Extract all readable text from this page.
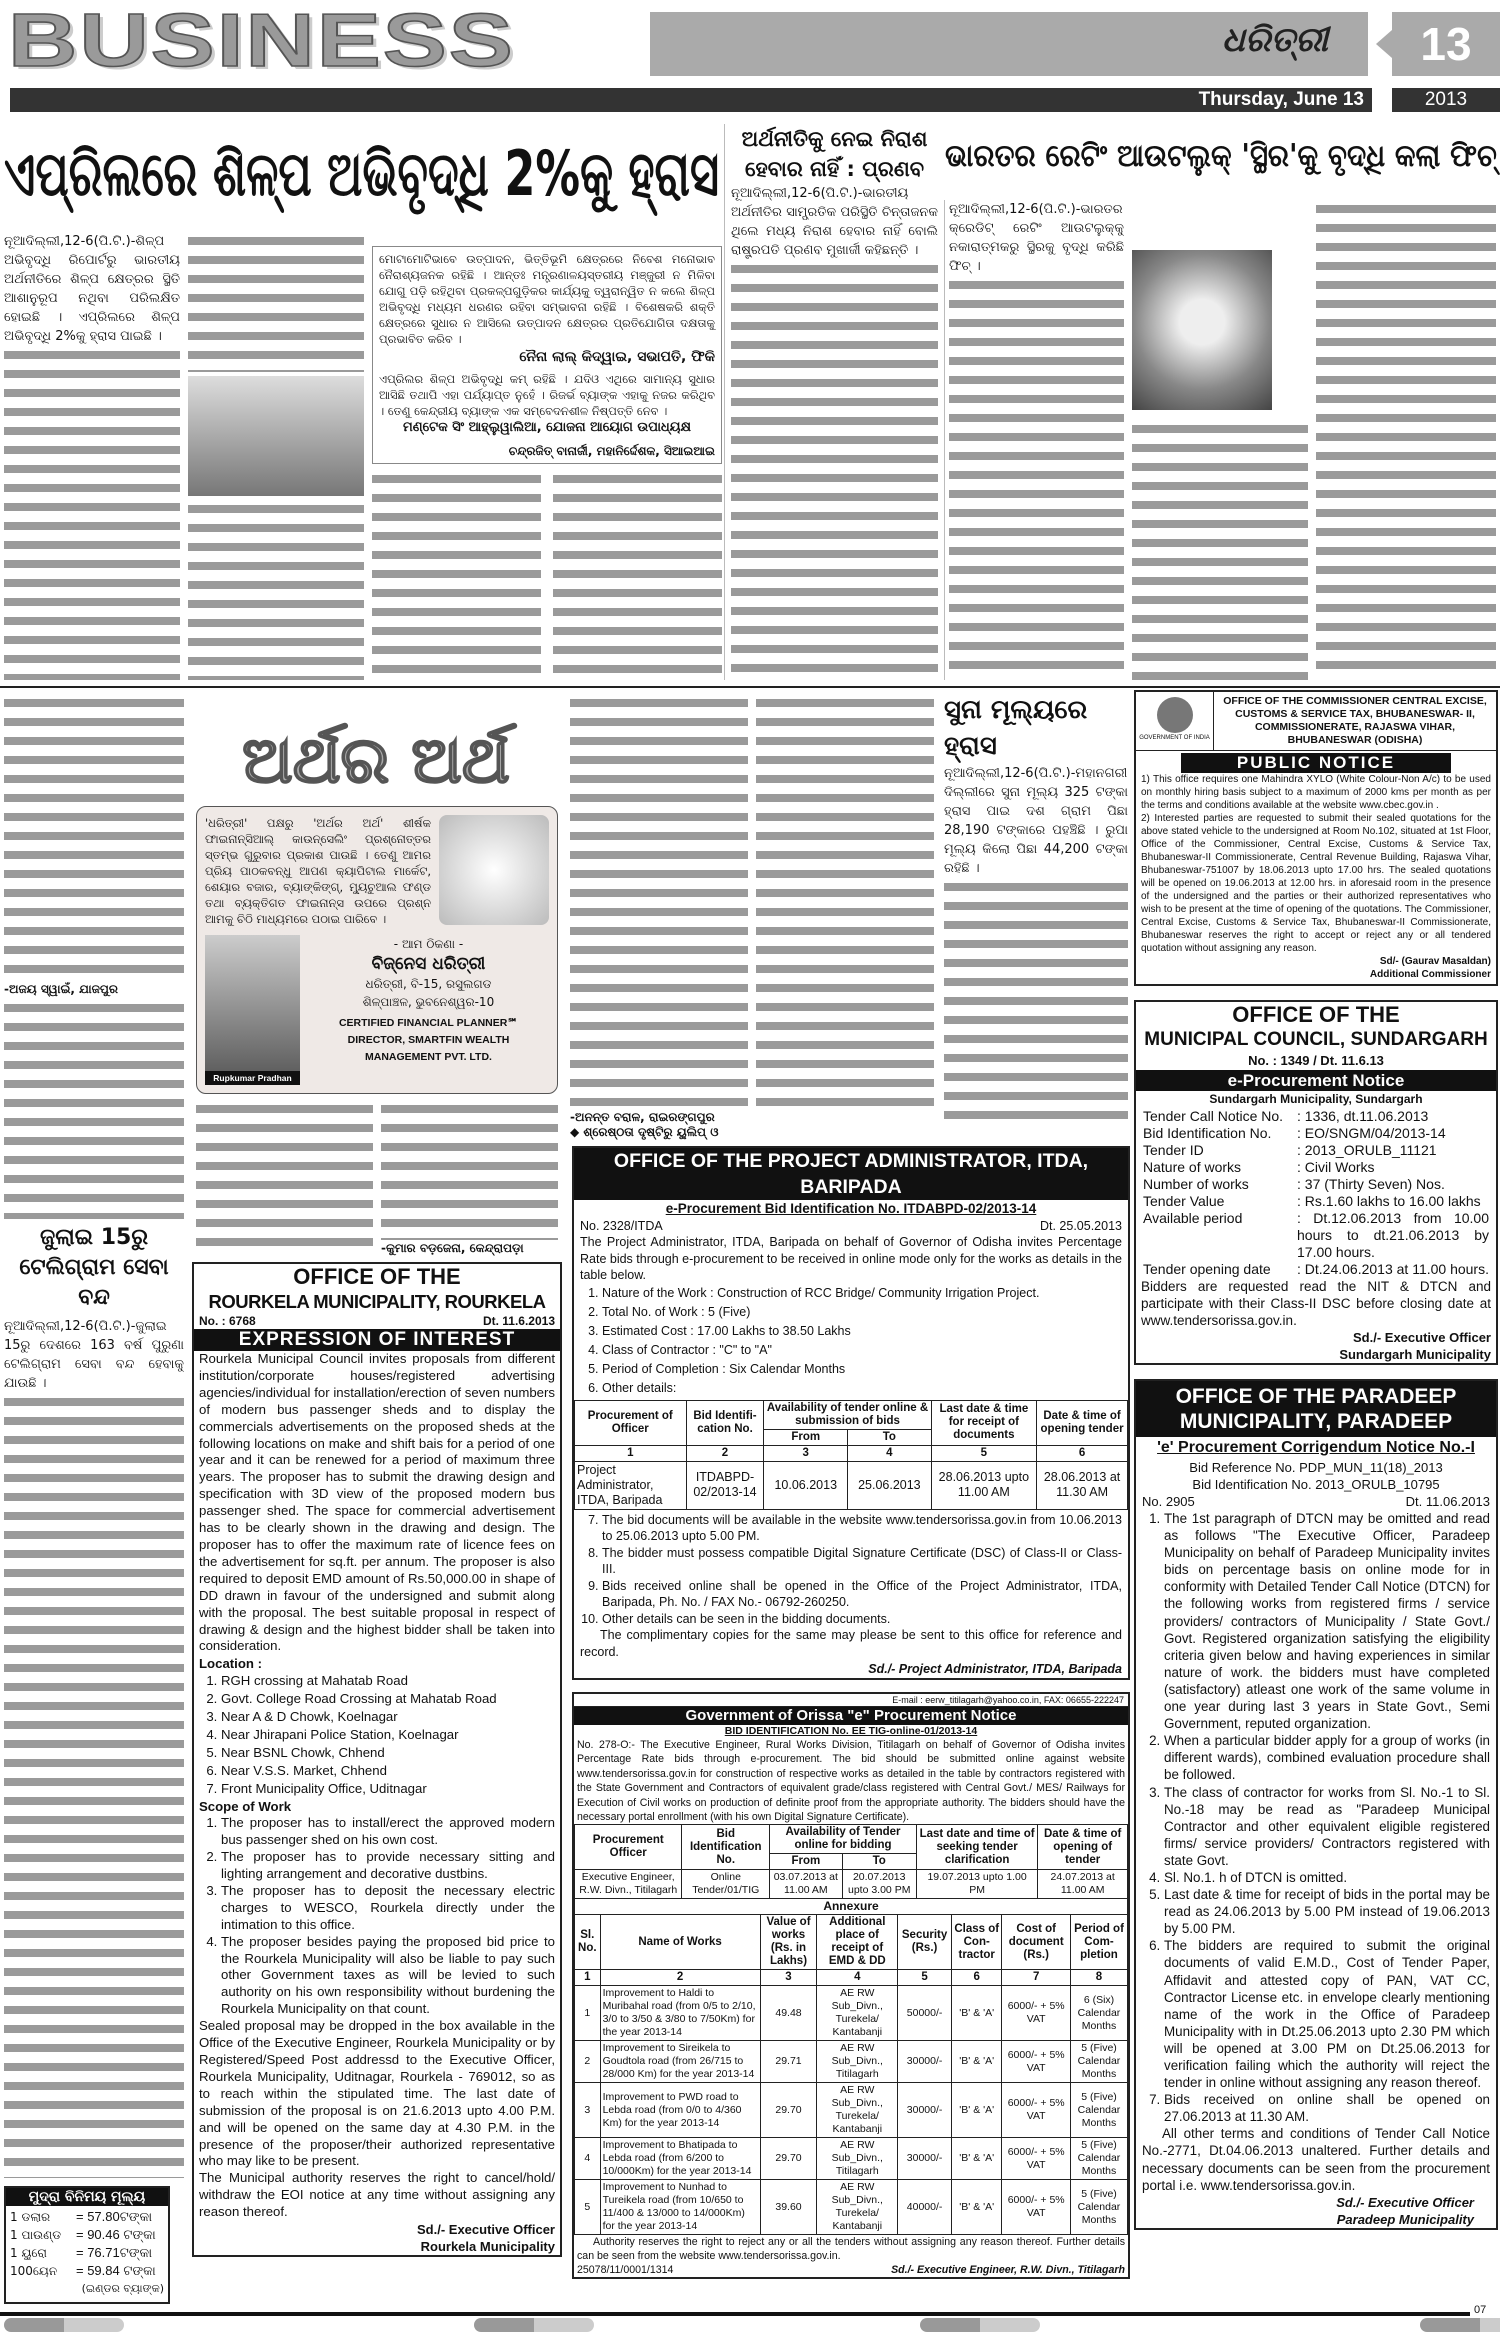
BUSINESS	ଧରିତ୍ରୀ	13
Thursday, June 13	2013
ଏପ୍ରିଲରେ ଶିଳ୍ପ ଅଭିବୃଦ୍ଧି 2%କୁ ହ୍ରାସ
ନୂଆଦିଲ୍ଲୀ,12-6(ପି.ଟି.)-ଶିଳ୍ପ ଅଭିବୃଦ୍ଧି ରିପୋର୍ଟରୁ ଭାରତୀୟ ଅର୍ଥନୀତିରେ ଶିଳ୍ପ କ୍ଷେତ୍ରର ସ୍ଥିତି ଆଶାନୁରୂପ ନଥିବା ପରିଲକ୍ଷିତ ହୋଇଛି । ଏପ୍ରିଲରେ ଶିଳ୍ପ ଅଭିବୃଦ୍ଧି 2%କୁ ହ୍ରାସ ପାଇଛି ।
ମୋଟାମୋଟିଭାବେ ଉତ୍ପାଦନ, ଭିତ୍ତିଭୂମି କ୍ଷେତ୍ରରେ ନିବେଶ ମନୋଭାବ ନୈରାଶ୍ୟଜନକ ରହିଛି । ଆନ୍ତଃ ମନ୍ତ୍ରଣାଳୟସ୍ତରୀୟ ମଞ୍ଜୁରୀ ନ ମିଳିବା ଯୋଗୁ ପଡ଼ି ରହିଥିବା ପ୍ରକଳ୍ପଗୁଡ଼ିକର କାର୍ଯ୍ୟକୁ ତ୍ୱରାନ୍ୱିତ ନ କଲେ ଶିଳ୍ପ ଅଭିବୃଦ୍ଧି ମଧ୍ୟମ ଧରଣର ରହିବା ସମ୍ଭାବନା ରହିଛି । ବିଶେଷକରି ଶକ୍ତି କ୍ଷେତ୍ରରେ ସୁଧାର ନ ଆସିଲେ ଉତ୍ପାଦନ କ୍ଷେତ୍ରର ପ୍ରତିଯୋଗିତା ଦକ୍ଷତାକୁ ପ୍ରଭାବିତ କରିବ ।
ନୈନା ଲାଲ୍ କିଦ୍ୱାଇ, ସଭାପତି, ଫିକି
ଏପ୍ରିଲର ଶିଳ୍ପ ଅଭିବୃଦ୍ଧି କମ୍ ରହିଛି । ଯଦିଓ ଏଥିରେ ସାମାନ୍ୟ ସୁଧାର ଆସିଛି ତଥାପି ଏହା ପର୍ଯ୍ୟାପ୍ତ ନୁହେଁ । ରିଜର୍ଭ ବ୍ୟାଙ୍କ ଏହାକୁ ନଜର କରିଥିବ । ତେଣୁ କେନ୍ଦ୍ରୀୟ ବ୍ୟାଙ୍କ ଏକ ସମ୍ବେଦନଶୀଳ ନିଷ୍ପତ୍ତି ନେବ ।
ମଣ୍ଟେକ ସିଂ ଆହ୍ଲୁୱାଲିଆ, ଯୋଜନା ଆୟୋଗ ଉପାଧ୍ୟକ୍ଷ
ଚନ୍ଦ୍ରଜିତ୍ ବାନାର୍ଜୀ, ମହାନିର୍ଦ୍ଦେଶକ, ସିଆଇଆଇ
ଅର୍ଥନୀତିକୁ ନେଇ ନିରାଶ ହେବାର ନାହିଁ : ପ୍ରଣବ
ନୂଆଦିଲ୍ଲୀ,12-6(ପି.ଟି.)-ଭାରତୀୟ ଅର୍ଥନୀତିର ସାମ୍ପ୍ରତିକ ପରିସ୍ଥିତି ଚିନ୍ତାଜନକ ଥିଲେ ମଧ୍ୟ ନିରାଶ ହେବାର ନାହିଁ ବୋଲି ରାଷ୍ଟ୍ରପତି ପ୍ରଣବ ମୁଖାର୍ଜୀ କହିଛନ୍ତି ।
ଭାରତର ରେଟିଂ ଆଉଟଲୁକ୍ 'ସ୍ଥିର'କୁ ବୃଦ୍ଧି କଲା ଫିଚ୍
ନୂଆଦିଲ୍ଲୀ,12-6(ପି.ଟି.)-ଭାରତର କ୍ରେଡିଟ୍ ରେଟିଂ ଆଉଟଲୁକ୍କୁ ନକାରାତ୍ମକରୁ ସ୍ଥିରକୁ ବୃଦ୍ଧି କରିଛି ଫିଚ୍ ।
-ଅଜୟ ସ୍ୱାଇଁ, ଯାଜପୁର
ଜୁଲାଇ 15ରୁ
ଟେଲିଗ୍ରାମ ସେବା ବନ୍ଦ
ନୂଆଦିଲ୍ଲୀ,12-6(ପି.ଟି.)-ଜୁଲାଇ 15ରୁ ଦେଶରେ 163 ବର୍ଷ ପୁରୁଣା ଟେଲିଗ୍ରାମ ସେବା ବନ୍ଦ ହେବାକୁ ଯାଉଛି ।
ମୁଦ୍ରା ବିନିମୟ ମୂଲ୍ୟ
1 ଡଲାର	= 57.80ଟଙ୍କା
1 ପାଉଣ୍ଡ	= 90.46 ଟଙ୍କା
1 ୟୁରୋ	= 76.71ଟଙ୍କା
100ୟେନ	= 59.84 ଟଙ୍କା
(ଇଣ୍ଡର ବ୍ୟାଙ୍କ)
ଅର୍ଥର ଅର୍ଥ
'ଧରିତ୍ରୀ' ପକ୍ଷରୁ 'ଅର୍ଥର ଅର୍ଥ' ଶୀର୍ଷକ ଫାଇନାନ୍ସିଆଲ୍ କାଉନ୍ସେଲିଂ ପ୍ରଶ୍ନୋତ୍ତର ସ୍ତମ୍ଭ ଗୁରୁବାର ପ୍ରକାଶ ପାଉଛି । ତେଣୁ ଆମର ପ୍ରିୟ ପାଠକବନ୍ଧୁ ଆପଣ କ୍ୟାପିଟାଲ ମାର୍କେଟ, ଶେୟାର ବଜାର, ବ୍ୟାଙ୍କିଙ୍ଗ୍, ମ୍ୟୁଚୁଆଲ ଫଣ୍ଡ ତଥା ବ୍ୟକ୍ତିଗତ ଫାଇନାନ୍ସ ଉପରେ ପ୍ରଶ୍ନ ଆମକୁ ଚିଠି ମାଧ୍ୟମରେ ପଠାଇ ପାରିବେ ।
Rupkumar Pradhan
- ଆମ ଠିକଣା -
ବିଜ୍ନେସ ଧରିତ୍ରୀ
ଧରିତ୍ରୀ, ବି-15, ରସୁଲଗଡ
ଶିଳ୍ପାଞ୍ଚଳ, ଭୁବନେଶ୍ୱର-10
CERTIFIED FINANCIAL PLANNER℠
DIRECTOR, SMARTFIN WEALTH
MANAGEMENT PVT. LTD.
-କୁମାର ବଡ଼ଜେନା, କେନ୍ଦ୍ରାପଡ଼ା
-ଅନନ୍ତ ବରାଳ, ରାଇରଙ୍ଗପୁର
◆ ଶ୍ରେଷ୍ଠତା ଦୃଷ୍ଟିରୁ ୟୁଲିପ୍ ଓ
ସୁନା ମୂଲ୍ୟରେ ହ୍ରାସ
ନୂଆଦିଲ୍ଲୀ,12-6(ପି.ଟି.)-ମହାନଗରୀ ଦିଲ୍ଲୀରେ ସୁନା ମୂଲ୍ୟ 325 ଟଙ୍କା ହ୍ରାସ ପାଇ ଦଶ ଗ୍ରାମ ପିଛା 28,190 ଟଙ୍କାରେ ପହଞ୍ଚିଛି । ରୁପା ମୂଲ୍ୟ କିଲୋ ପିଛା 44,200 ଟଙ୍କା ରହିଛି ।
GOVERNMENT OF INDIA
OFFICE OF THE COMMISSIONER CENTRAL EXCISE, CUSTOMS & SERVICE TAX, BHUBANESWAR- II, COMMISSIONERATE, RAJASWA VIHAR, BHUBANESWAR (ODISHA)
PUBLIC NOTICE
1) This office requires one Mahindra XYLO (White Colour-Non A/c) to be used on monthly hiring basis subject to a maximum of 2000 kms per month as per the terms and conditions available at the website www.cbec.gov.in .
2) Interested parties are requested to submit their sealed quotations for the above stated vehicle to the undersigned at Room No.102, situated at 1st Floor, Office of the Commissioner, Central Excise, Customs & Service Tax, Bhubaneswar-II Commissionerate, Central Revenue Building, Rajaswa Vihar, Bhubaneswar-751007 by 18.06.2013 upto 17.00 hrs. The sealed quotations will be opened on 19.06.2013 at 12.00 hrs. in aforesaid room in the presence of the undersigned and the parties or their authorized representatives who wish to be present at the time of opening of the quotations. The Commissioner, Central Excise, Customs & Service Tax, Bhubaneswar-II Commissionerate, Bhubaneswar reserves the right to accept or reject any or all tendered quotation without assigning any reason.
Sd/- (Gaurav Masaldan)
Additional Commissioner
OFFICE OF THE
MUNICIPAL COUNCIL, SUNDARGARH
No. : 1349 / Dt. 11.6.13
e-Procurement Notice
Sundargarh Municipality, Sundargarh
Tender Call Notice No.	: 1336, dt.11.06.2013
Bid Identification No.	: EO/SNGM/04/2013-14
Tender ID	: 2013_ORULB_11121
Nature of works	: Civil Works
Number of works	: 37 (Thirty Seven) Nos.
Tender Value	: Rs.1.60 lakhs to 16.00 lakhs
Available period	: Dt.12.06.2013 from 10.00 hours to dt.21.06.2013 by 17.00 hours.
Tender opening date	: Dt.24.06.2013 at 11.00 hours.
Bidders are requested read the NIT & DTCN and participate with their Class-II DSC before closing date at www.tendersorissa.gov.in.
Sd./- Executive Officer
Sundargarh Municipality
OFFICE OF THE PARADEEP MUNICIPALITY, PARADEEP
'e' Procurement Corrigendum Notice No.-I
Bid Reference No. PDP_MUN_11(18)_2013
Bid Identification No. 2013_ORULB_10795
No. 2905	Dt. 11.06.2013
1. The 1st paragraph of DTCN may be omitted and read as follows "The Executive Officer, Paradeep Municipality on behalf of Paradeep Municipality invites bids on percentage basis on online mode for in conformity with Detailed Tender Call Notice (DTCN) for the following works from registered firms / service providers/ contractors of Municipality / State Govt./ Govt. Registered organization satisfying the eligibility criteria given below and having experiences in similar nature of work. the bidders must have completed (satisfactory) atleast one work of the same volume in one year during last 3 years in State Govt., Semi Government, reputed organization.
2. When a particular bidder apply for a group of works (in different wards), combined evaluation procedure shall be followed.
3. The class of contractor for works from Sl. No.-1 to Sl. No.-18 may be read as "Paradeep Municipal Contractor and other equivalent eligible registered firms/ service providers/ Contractors registered with state Govt.
4. Sl. No.1. h of DTCN is omitted.
5. Last date & time for receipt of bids in the portal may be read as 24.06.2013 by 5.00 PM instead of 19.06.2013 by 5.00 PM.
6. The bidders are required to submit the original documents of valid E.M.D., Cost of Tender Paper, Affidavit and attested copy of PAN, VAT CC, Contractor License etc. in envelope clearly mentioning name of the work in the Office of Paradeep Municipality with in Dt.25.06.2013 upto 2.30 PM which will be opened at 3.00 PM on Dt.25.06.2013 for verification failing which the authority will reject the tender in online without assigning any reason thereof.
7. Bids received on online shall be opened on 27.06.2013 at 11.30 AM.
All other terms and conditions of Tender Call Notice No.-2771, Dt.04.06.2013 unaltered. Further details and necessary documents can be seen from the procurement portal i.e. www.tendersorissa.gov.in.
Sd./- Executive Officer
Paradeep Municipality
OFFICE OF THE PROJECT ADMINISTRATOR, ITDA, BARIPADA
e-Procurement Bid Identification No. ITDABPD-02/2013-14
No. 2328/ITDA	Dt. 25.05.2013
The Project Administrator, ITDA, Baripada on behalf of Governor of Odisha invites Percentage Rate bids through e-procurement to be received in online mode only for the works as details in the table below.
1. Nature of the Work : Construction of RCC Bridge/ Community Irrigation Project.
2. Total No. of Work : 5 (Five)
3. Estimated Cost : 17.00 Lakhs to 38.50 Lakhs
4. Class of Contractor : "C" to "A"
5. Period of Completion : Six Calendar Months
6. Other details:
Procurement of Officer	Bid Identifi-cation No.	Availability of tender online & submission of bids		Last date & time for receipt of documents	Date & time of opening tender
		From	To		
1	2	3	4	5	6
Project Administrator, ITDA, Baripada	ITDABPD-02/2013-14	10.06.2013	25.06.2013	28.06.2013 upto 11.00 AM	28.06.2013 at 11.30 AM
7. The bid documents will be available in the website www.tendersorissa.gov.in from 10.06.2013 to 25.06.2013 upto 5.00 PM.
8. The bidder must possess compatible Digital Signature Certificate (DSC) of Class-II or Class-III.
9. Bids received online shall be opened in the Office of the Project Administrator, ITDA, Baripada, Ph. No. / FAX No.- 06792-260250.
10. Other details can be seen in the bidding documents.
The complimentary copies for the same may please be sent to this office for reference and record.
Sd./- Project Administrator, ITDA, Baripada
E-mail : eerw_titilagarh@yahoo.co.in, FAX: 06655-222247
Government of Orissa "e" Procurement Notice
BID IDENTIFICATION No. EE TIG-online-01/2013-14
No. 278-O:- The Executive Engineer, Rural Works Division, Titilagarh on behalf of Governor of Odisha invites Percentage Rate bids through e-procurement. The bid should be submitted online against website www.tendersorissa.gov.in for construction of respective works as detailed in the table by contractors registered with the State Government and Contractors of equivalent grade/class registered with Central Govt./ MES/ Railways for Execution of Civil works on production of definite proof from the appropriate authority. The bidders should have the necessary portal enrollment (with his own Digital Signature Certificate).
Procurement Officer	Bid Identification No.	Availability of Tender online for bidding		Last date and time of seeking tender clarification	Date & time of opening of tender
		From	To		
Executive Engineer, R.W. Divn., Titilagarh	Online Tender/01/TIG	03.07.2013 at 11.00 AM	20.07.2013 upto 3.00 PM	19.07.2013 upto 1.00 PM	24.07.2013 at 11.00 AM
Annexure					
Sl. No.	Name of Works	Value of works (Rs. in Lakhs)	Additional place of receipt of EMD & DD	Security (Rs.)	Class of Con-tractor	Cost of document (Rs.)	Period of Com-pletion
1	2	3	4	5	6	7	8
1	Improvement to Haldi to Muribahal road (from 0/5 to 2/10, 3/0 to 3/50 & 3/80 to 7/50Km) for the year 2013-14	49.48	AE RW Sub_Divn., Turekela/ Kantabanji	50000/-	'B' & 'A'	6000/- + 5% VAT	6 (Six) Calendar Months
2	Improvement to Sireikela to Goudtola road (from 26/715 to 28/000 Km) for the year 2013-14	29.71	AE RW Sub_Divn., Titilagarh	30000/-	'B' & 'A'	6000/- + 5% VAT	5 (Five) Calendar Months
3	Improvement to PWD road to Lebda road (from 0/0 to 4/360 Km) for the year 2013-14	29.70	AE RW Sub_Divn., Turekela/ Kantabanji	30000/-	'B' & 'A'	6000/- + 5% VAT	5 (Five) Calendar Months
4	Improvement to Bhatipada to Lebda road (from 6/200 to 10/000Km) for the year 2013-14	29.70	AE RW Sub_Divn., Titilagarh	30000/-	'B' & 'A'	6000/- + 5% VAT	5 (Five) Calendar Months
5	Improvement to Nunhad to Tureikela road (from 10/650 to 11/400 & 13/000 to 14/000Km) for the year 2013-14	39.60	AE RW Sub_Divn., Turekela/ Kantabanji	40000/-	'B' & 'A'	6000/- + 5% VAT	5 (Five) Calendar Months
Authority reserves the right to reject any or all the tenders without assigning any reason thereof. Further details can be seen from the website www.tendersorissa.gov.in.
25078/11/0001/1314	Sd./- Executive Engineer, R.W. Divn., Titilagarh
OFFICE OF THE
ROURKELA MUNICIPALITY, ROURKELA
No. : 6768	Dt. 11.6.2013
EXPRESSION OF INTEREST
Rourkela Municipal Council invites proposals from different institution/corporate houses/registered advertising agencies/individual for installation/erection of seven numbers of modern bus passenger sheds and to display the commercials advertisements on the proposed sheds at the following locations on make and shift bais for a period of one year and it can be renewed for a period of maximum three years. The proposer has to submit the drawing design and specification with 3D view of the proposed modern bus passenger shed. The space for commercial advertisement has to be clearly shown in the drawing and design. The proposer has to offer the maximum rate of licence fees on the advertisement for sq.ft. per annum. The proposer is also required to deposit EMD amount of Rs.50,000.00 in shape of DD drawn in favour of the undersigned and submit along with the proposal. The best suitable proposal in respect of drawing & design and the highest bidder shall be taken into consideration.
Location :
1. RGH crossing at Mahatab Road
2. Govt. College Road Crossing at Mahatab Road
3. Near A & D Chowk, Koelnagar
4. Near Jhirapani Police Station, Koelnagar
5. Near BSNL Chowk, Chhend
6. Near V.S.S. Market, Chhend
7. Front Municipality Office, Uditnagar
Scope of Work
1. The proposer has to install/erect the approved modern bus passenger shed on his own cost.
2. The proposer has to provide necessary sitting and lighting arrangement and decorative dustbins.
3. The proposer has to deposit the necessary electric charges to WESCO, Rourkela directly under the intimation to this office.
4. The proposer besides paying the proposed bid price to the Rourkela Municipality will also be liable to pay such other Government taxes as will be levied to such authority on his own responsibility without burdening the Rourkela Municipality on that count.
Sealed proposal may be dropped in the box available in the Office of the Executive Engineer, Rourkela Municipality or by Registered/Speed Post addressd to the Executive Officer, Rourkela Municipality, Uditnagar, Rourkela - 769012, so as to reach within the stipulated time. The last date of submission of the proposal is on 21.6.2013 upto 4.00 P.M. and will be opened on the same day at 4.30 P.M. in the presence of the proposer/their authorized representative who may like to be present.
The Municipal authority reserves the right to cancel/hold/ withdraw the EOI notice at any time without assigning any reason thereof.
Sd./- Executive Officer
Rourkela Municipality
07
